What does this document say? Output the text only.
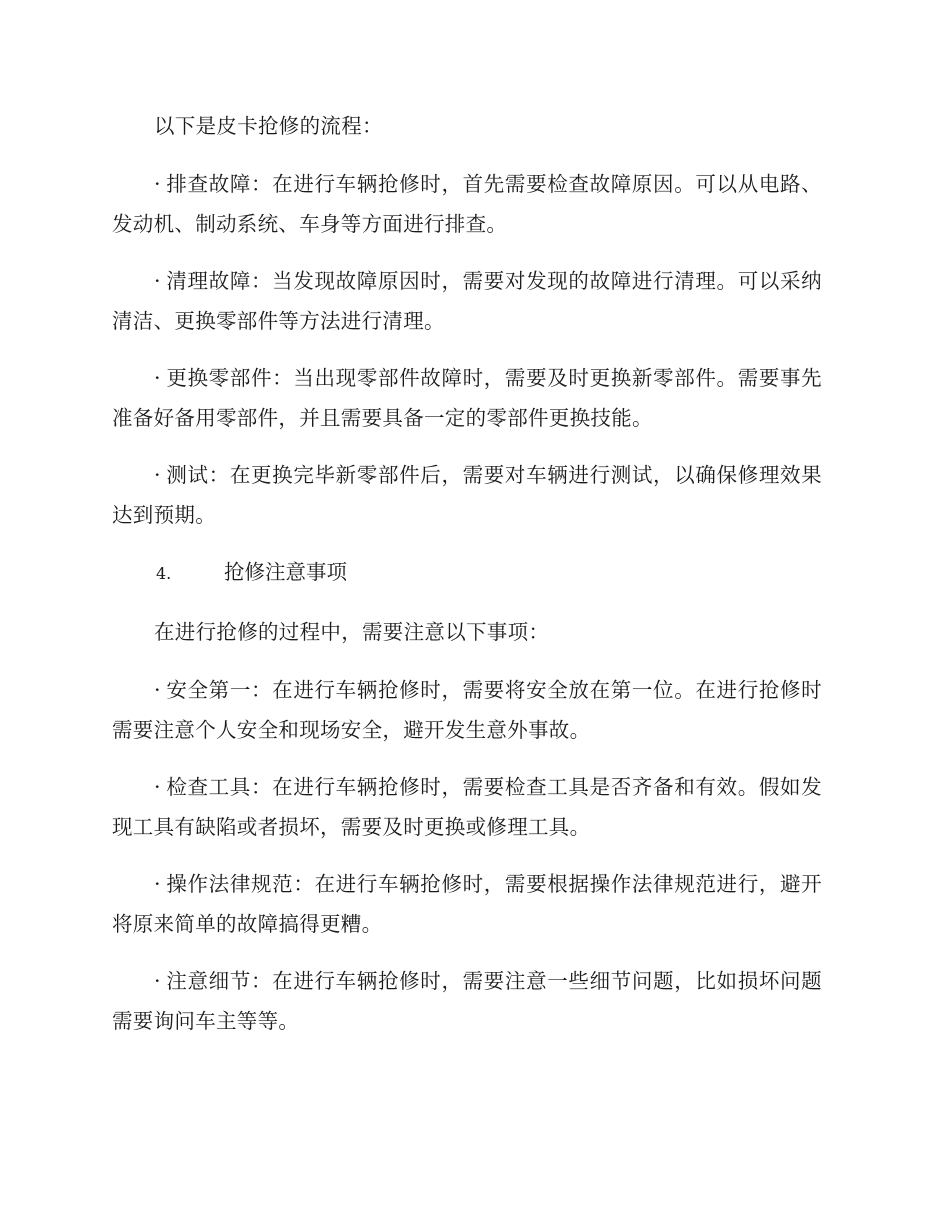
以下是皮卡抢修的流程：

· 排查故障：在进行车辆抢修时，首先需要检查故障原因。可以从电路、发动机、制动系统、车身等方面进行排查。

· 清理故障：当发现故障原因时，需要对发现的故障进行清理。可以采纳清洁、更换零部件等方法进行清理。

· 更换零部件：当出现零部件故障时，需要及时更换新零部件。需要事先准备好备用零部件，并且需要具备一定的零部件更换技能。

· 测试：在更换完毕新零部件后，需要对车辆进行测试，以确保修理效果达到预期。

4.	抢修注意事项

在进行抢修的过程中，需要注意以下事项：

· 安全第一：在进行车辆抢修时，需要将安全放在第一位。在进行抢修时需要注意个人安全和现场安全，避开发生意外事故。

· 检查工具：在进行车辆抢修时，需要检查工具是否齐备和有效。假如发现工具有缺陷或者损坏，需要及时更换或修理工具。

· 操作法律规范：在进行车辆抢修时，需要根据操作法律规范进行，避开将原来简单的故障搞得更糟。

· 注意细节：在进行车辆抢修时，需要注意一些细节问题，比如损坏问题需要询问车主等等。
